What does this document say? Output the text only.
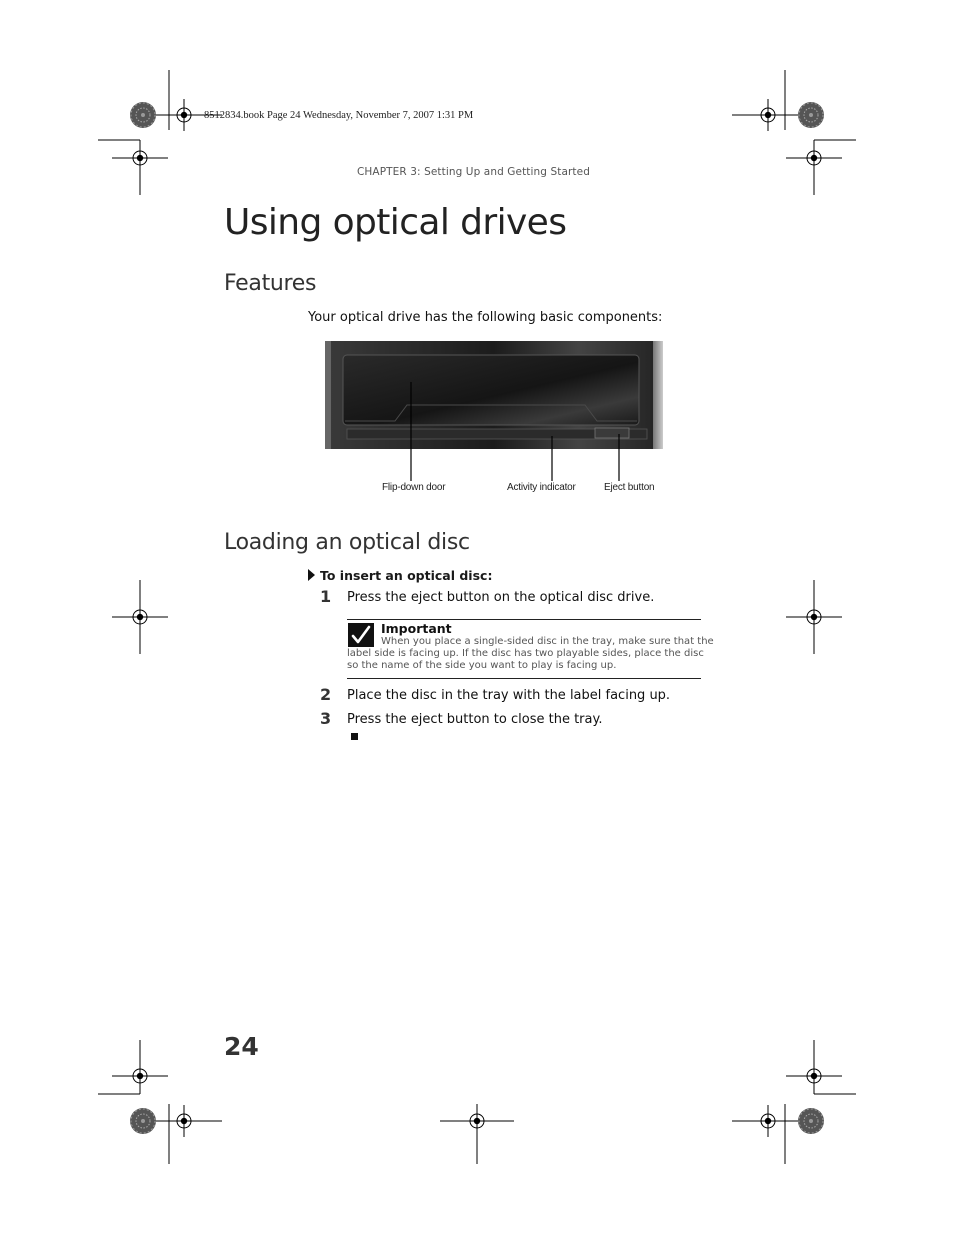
8512834.book Page 24 Wednesday, November 7, 2007 1:31 PM
CHAPTER 3: Setting Up and Getting Started
Using optical drives
Features
Your optical drive has the following basic components:
Flip-down door	Activity indicator	Eject button
Loading an optical disc
To insert an optical disc:
1 Press the eject button on the optical disc drive.
Important
When you place a single-sided disc in the tray, make sure that the
label side is facing up. If the disc has two playable sides, place the disc
so the name of the side you want to play is facing up.
2 Place the disc in the tray with the label facing up.
3 Press the eject button to close the tray.
24
